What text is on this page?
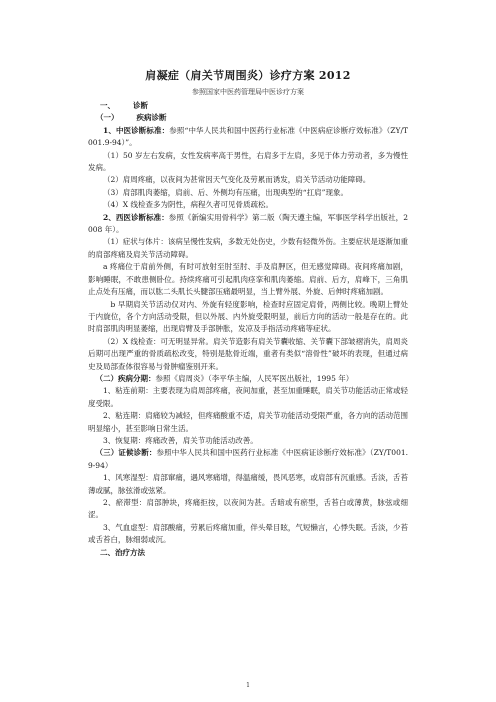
肩凝症（肩关节周围炎）诊疗方案 2012
参照国家中医药管理局中医诊疗方案

一、 诊断

（一） 疾病诊断

1、中医诊断标准：参照“中华人民共和国中医药行业标准《中医病症诊断疗效标准》（ZY/T001.9-94）”。

（1）50 岁左右发病，女性发病率高于男性，右肩多于左肩，多见于体力劳动者，多为慢性发病。

（2）肩周疼痛，以夜间为甚常因天气变化及劳累而诱发，肩关节活动功能障碍。

（3）肩部肌肉萎缩，肩前、后、外侧均有压痛，出现典型的“扛肩”现象。

（4）X 线检查多为阴性，病程久者可见骨质疏松。

2、西医诊断标准：参照《新编实用骨科学》第二版（陶天遵主编，军事医学科学出版社，2008 年）。

（1）症状与体片：该病呈慢性发病，多数无处伤史，少数有轻微外伤。主要症状是逐渐加重的肩部疼痛及肩关节活动障碍。

a 疼痛位于肩前外侧，有时可放射至肘至肘、手及肩胛区，但无感觉障碍。夜间疼痛加剧，影响睡眠，不敢患侧卧位。持续疼痛可引起肌肉痉挛和肌肉萎缩。肩前、后方，肩峰下，三角肌止点处有压痛，而以肱二头肌长头腱部压痛最明显，当上臂外展、外旋、后伸时疼痛加剧。

b 早期肩关节活动仅对内、外旋有轻度影响，检查时应固定肩骨，两侧比较。晚期上臂处于内旋位，各个方向活动受限，但以外展、内外旋受限明显，前后方向的活动一般是存在的。此时肩部肌肉明显萎缩，出现肩臂及手部肿胀，发凉及手指活动疼痛等症状。

（2）X 线检查：可无明显异常。肩关节造影有肩关节囊收缩、关节囊下部皱褶消失，肩周炎后期可出现严重的骨质疏松改变，特别是肱骨近端，重者有类似“溶骨性”破坏的表现，但通过病史及局部查体很容易与骨肿瘤鉴别开来。

（二）疾病分期：参照《肩周炎》（李平华主编，人民军医出版社，1995 年）

1、粘连前期：主要表现为肩周部疼痛，夜间加重，甚至加重睡眠，肩关节功能活动正常或轻度受限。

2、粘连期：肩痛较为减轻，但疼痛酸重不适，肩关节功能活动受限严重，各方向的活动范围明显缩小，甚至影响日常生活。

3、恢复期：疼痛改善，肩关节功能活动改善。

（三）证候诊断：参照中华人民共和国中医药行业标准《中医病证诊断疗效标准》（ZY/T001.9-94）

1、风寒湿型：肩部窜痛，遇风寒痛增，得温痛缓，畏风恶寒，或肩部有沉重感。舌淡，舌苔薄或腻，脉弦滑或弦紧。

2、瘀滞型：肩部肿块，疼痛拒按，以夜间为甚。舌暗或有瘀型，舌苔白或薄黄，脉弦或细涩。

3、气血虚型：肩部酸痛，劳累后疼痛加重，伴头晕目眩，气短懒言，心悸失眠。舌淡，少苔或舌苔白，脉细弱或沉。

二、治疗方法

1
